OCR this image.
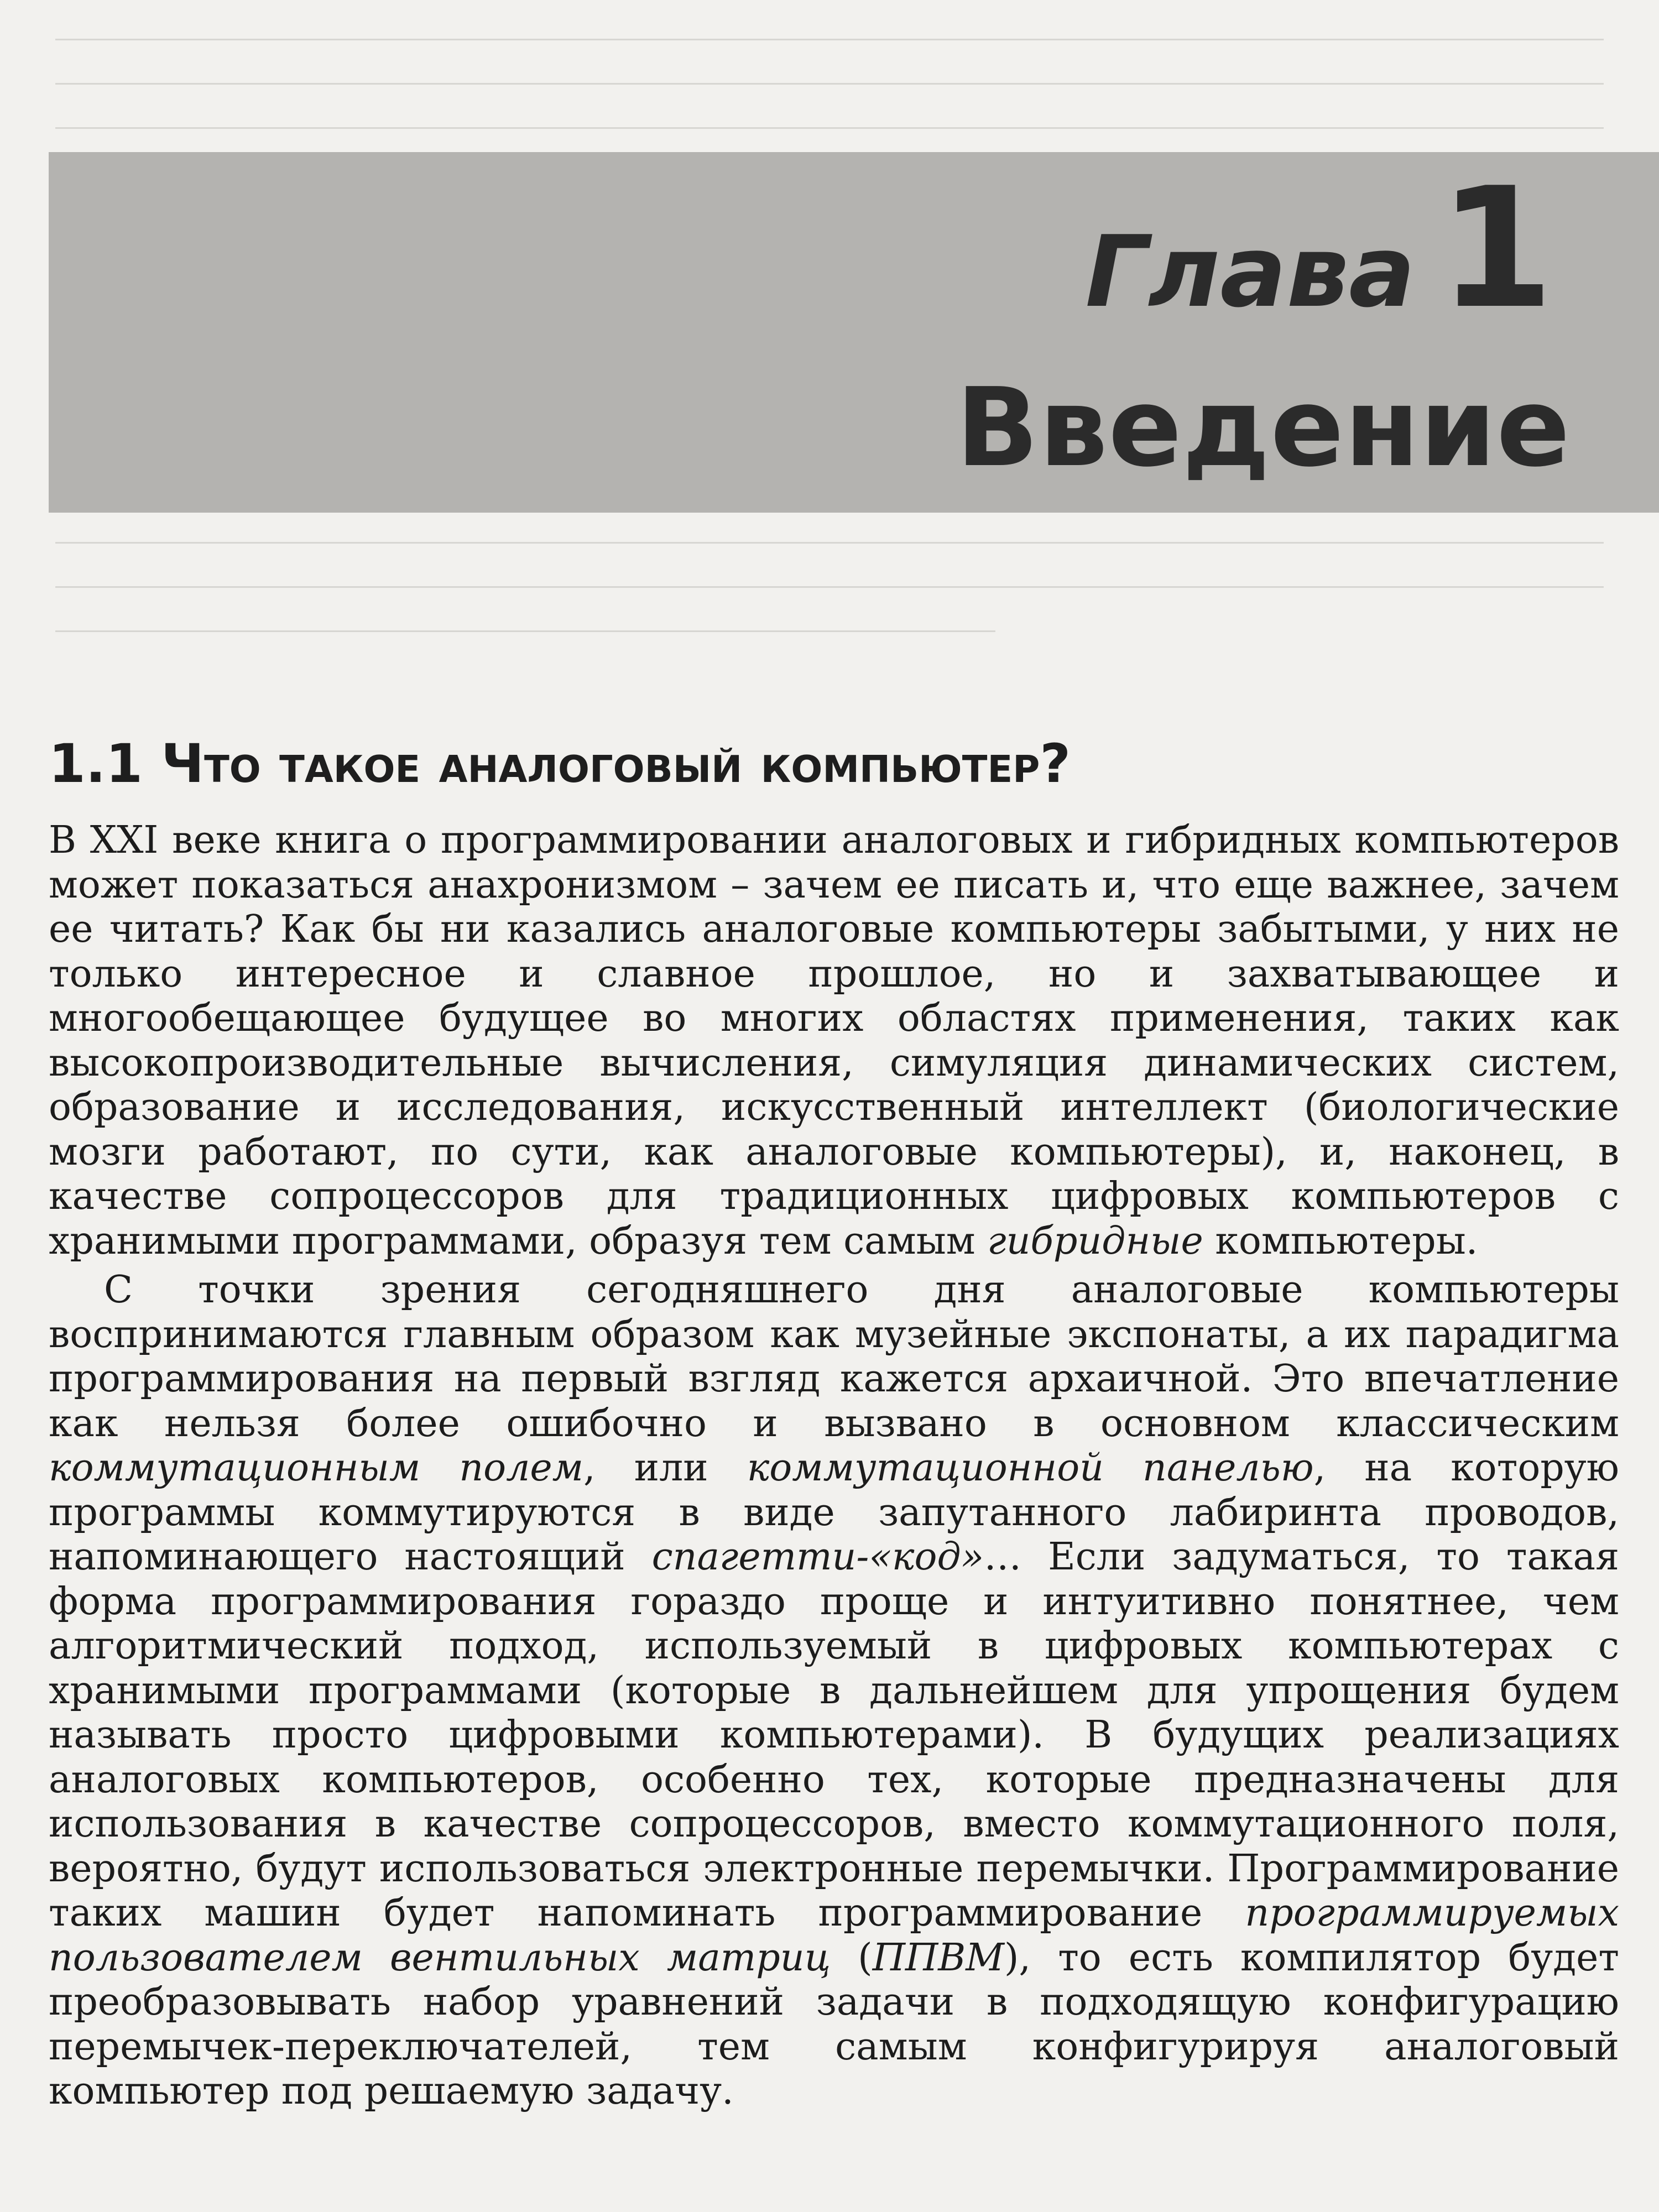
Глава 1
Введение
1.1 Что такое аналоговый компьютер?

В XXI веке книга о программировании аналоговых и гибридных компьютеров может показаться анахронизмом – зачем ее писать и, что еще важнее, зачем ее читать? Как бы ни казались аналоговые компьютеры забытыми, у них не только интересное и славное прошлое, но и захватывающее и многообещающее будущее во многих областях применения, таких как высокопроизводительные вычисления, симуляция динамических систем, образование и исследования, искусственный интеллект (биологические мозги работают, по сути, как аналоговые компьютеры), и, наконец, в качестве сопроцессоров для традиционных цифровых компьютеров с хранимыми программами, образуя тем самым гибридные компьютеры.

С точки зрения сегодняшнего дня аналоговые компьютеры воспринимаются главным образом как музейные экспонаты, а их парадигма программирования на первый взгляд кажется архаичной. Это впечатление как нельзя более ошибочно и вызвано в основном классическим коммутационным полем, или коммутационной панелью, на которую программы коммутируются в виде запутанного лабиринта проводов, напоминающего настоящий спагетти-«код»… Если задуматься, то такая форма программирования гораздо проще и интуитивно понятнее, чем алгоритмический подход, используемый в цифровых компьютерах с хранимыми программами (которые в дальнейшем для упрощения будем называть просто цифровыми компьютерами). В будущих реализациях аналоговых компьютеров, особенно тех, которые предназначены для использования в качестве сопроцессоров, вместо коммутационного поля, вероятно, будут использоваться электронные перемычки. Программирование таких машин будет напоминать программирование программируемых пользователем вентильных матриц (ППВМ), то есть компилятор будет преобразовывать набор уравнений задачи в подходящую конфигурацию перемычек-переключателей, тем самым конфигурируя аналоговый компьютер под решаемую задачу.
